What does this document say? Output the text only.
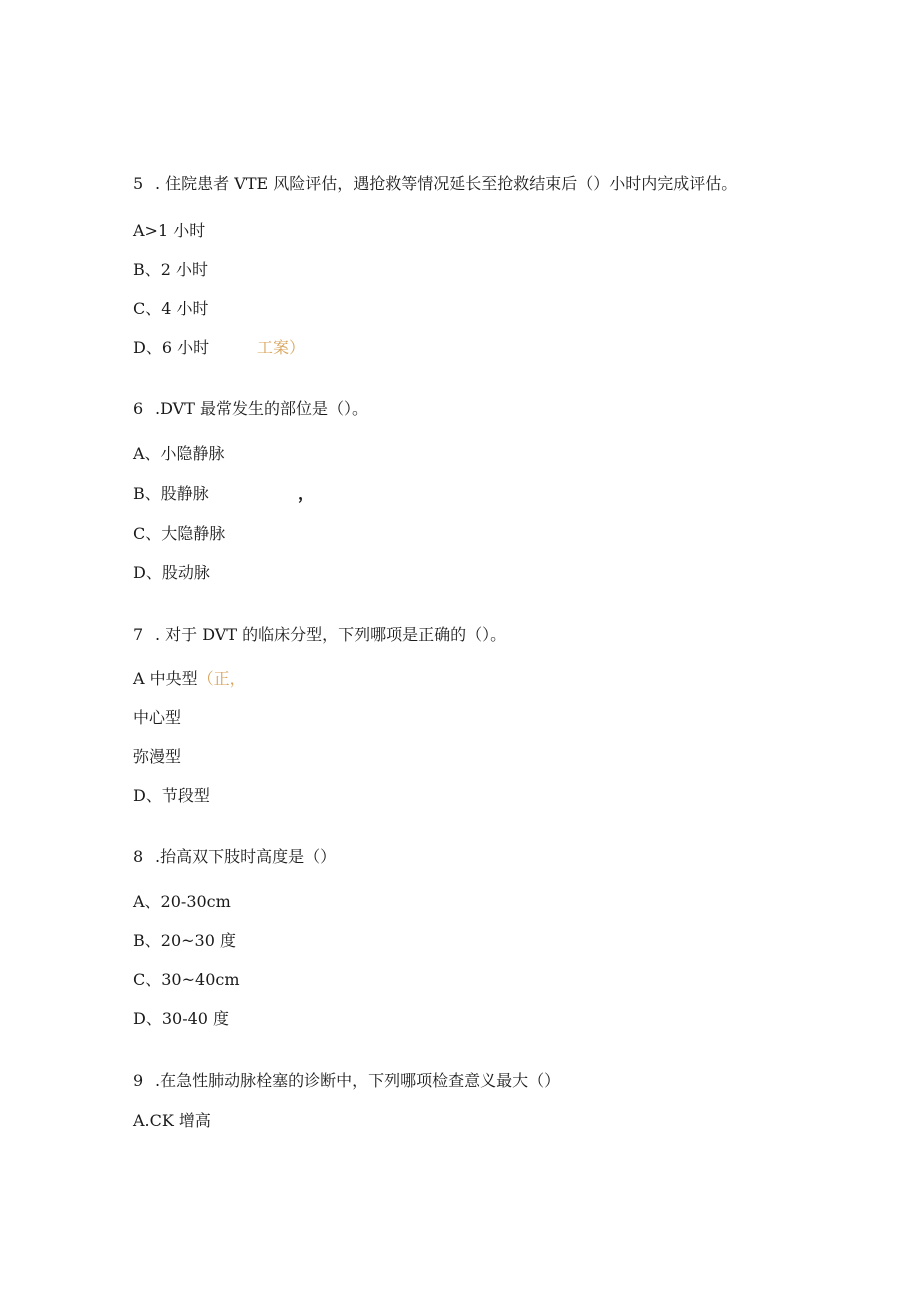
5 . 住院患者 VTE 风险评估，遇抢救等情况延长至抢救结束后（）小时内完成评估。
A>1 小时
B、2 小时
C、4 小时
D、6 小时	工案）
6 .DVT 最常发生的部位是（）。
A、小隐静脉
B、股静脉	，
C、大隐静脉
D、股动脉
7 . 对于 DVT 的临床分型，下列哪项是正确的（）。
A 中央型（正，
中心型
弥漫型
D、节段型
8 .抬高双下肢时高度是（）
A、20-30cm
B、20~30 度
C、30~40cm
D、30-40 度
9 .在急性肺动脉栓塞的诊断中，下列哪项检查意义最大（）
A.CK 增高
